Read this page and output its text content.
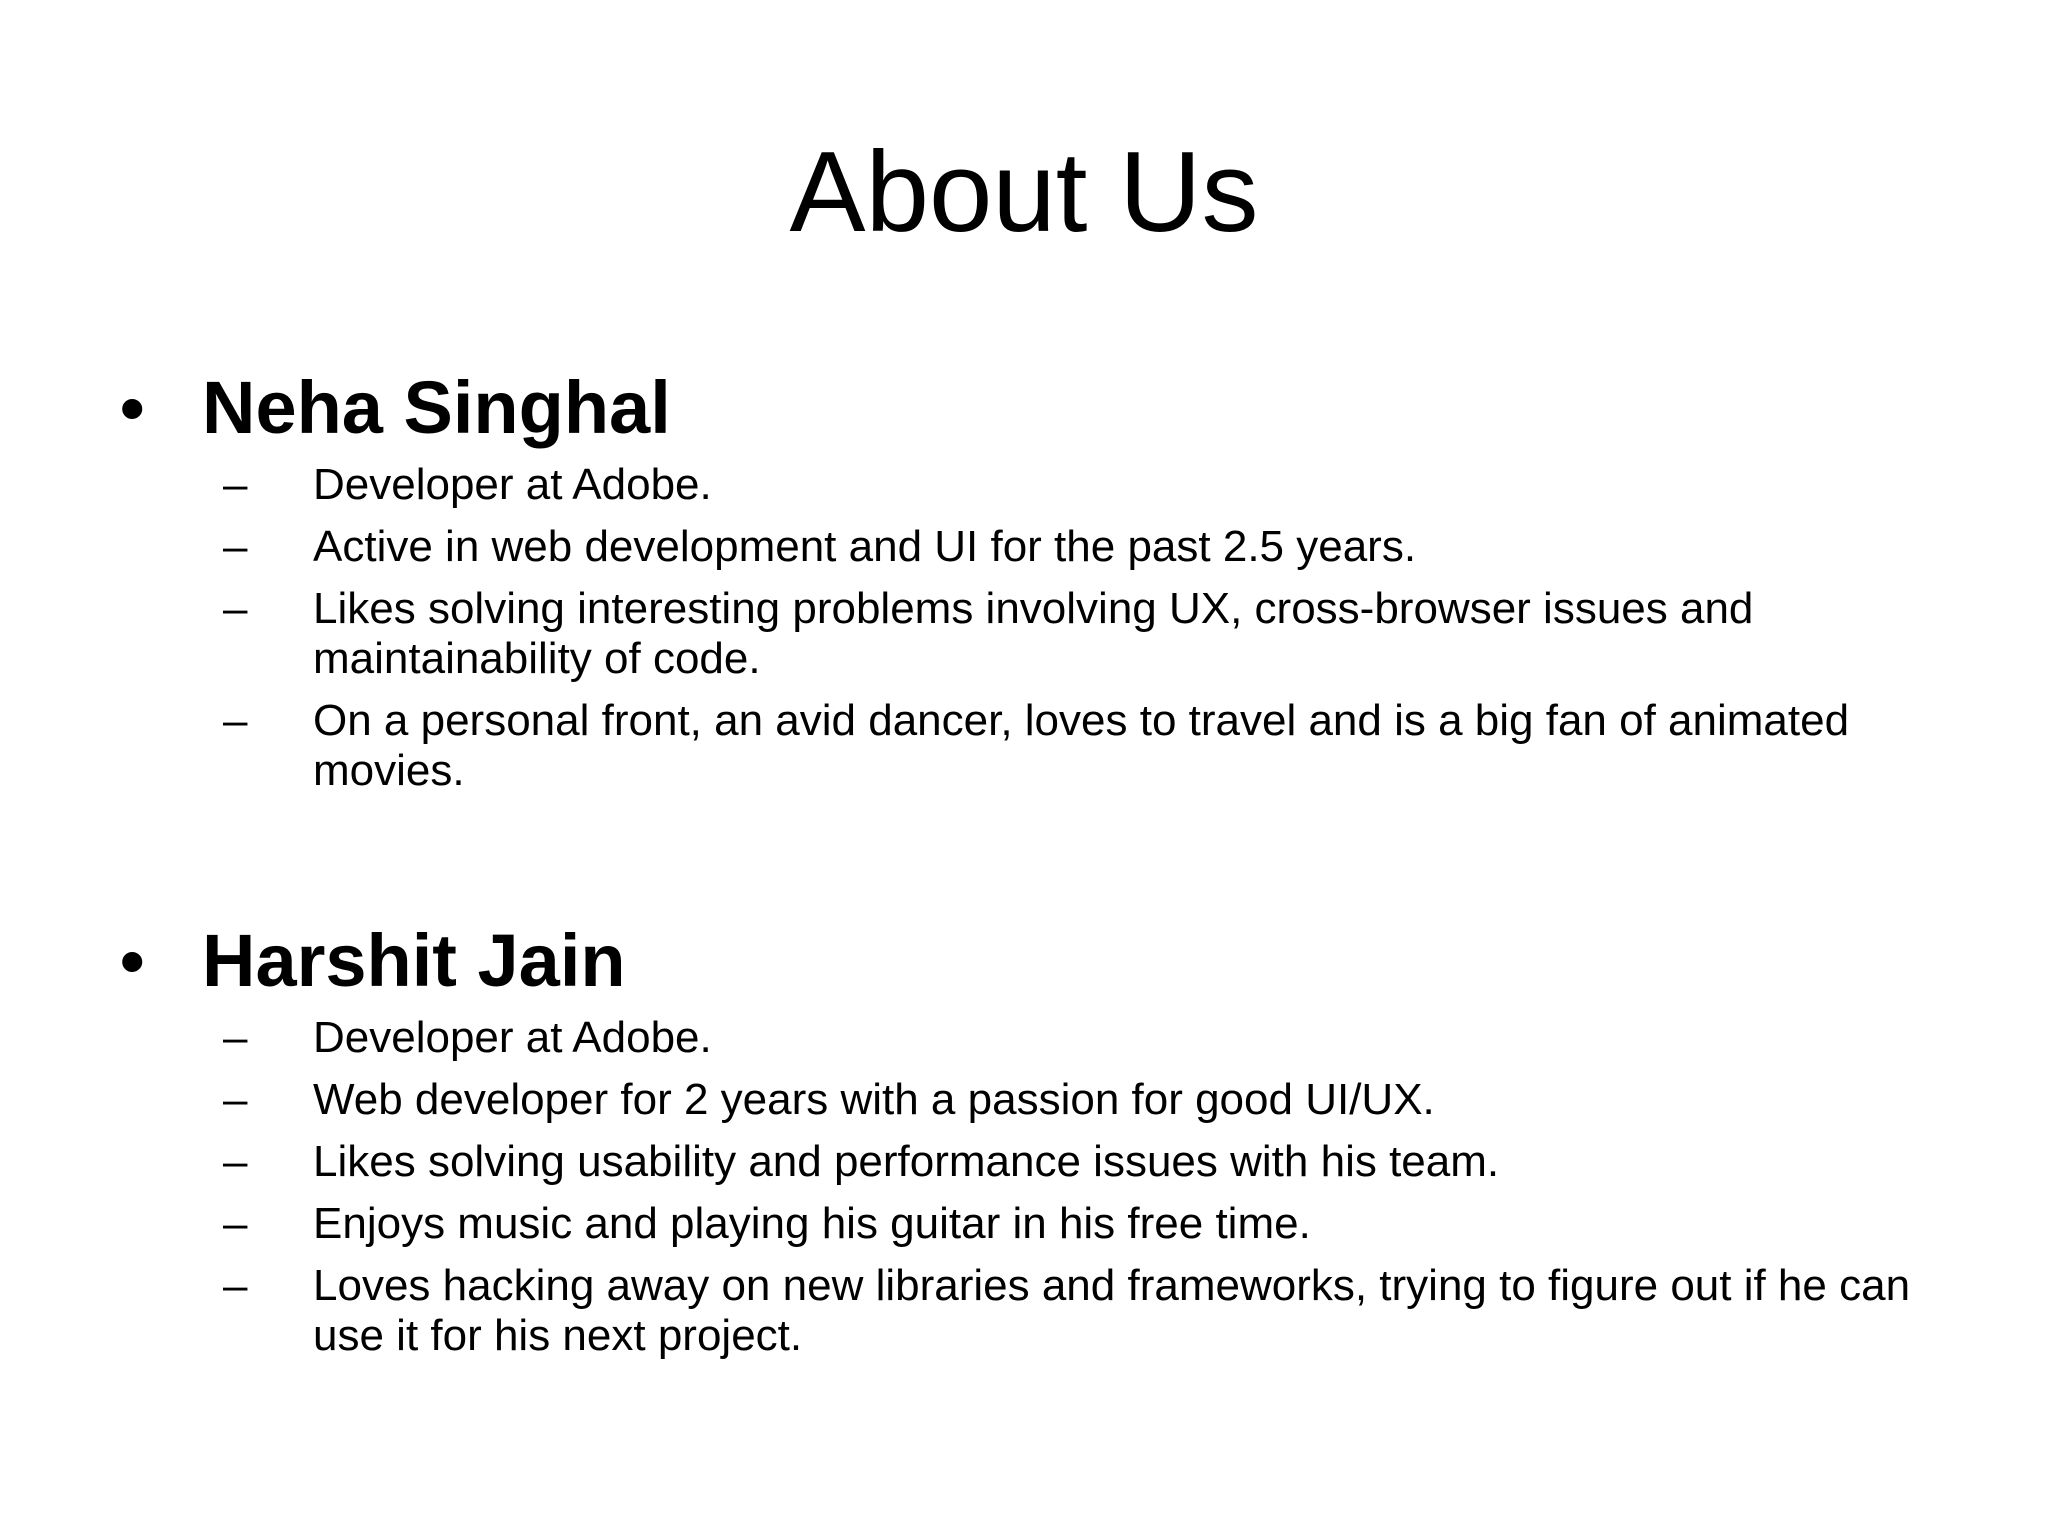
About Us
• Neha Singhal
–	Developer at Adobe.
–	Active in web development and UI for the past 2.5 years.
–	Likes solving interesting problems involving UX, cross-browser issues and maintainability of code.
–	On a personal front, an avid dancer, loves to travel and is a big fan of animated movies.
• Harshit Jain
–	Developer at Adobe.
–	Web developer for 2 years with a passion for good UI/UX.
–	Likes solving usability and performance issues with his team.
–	Enjoys music and playing his guitar in his free time.
–	Loves hacking away on new libraries and frameworks, trying to figure out if he can use it for his next project.
